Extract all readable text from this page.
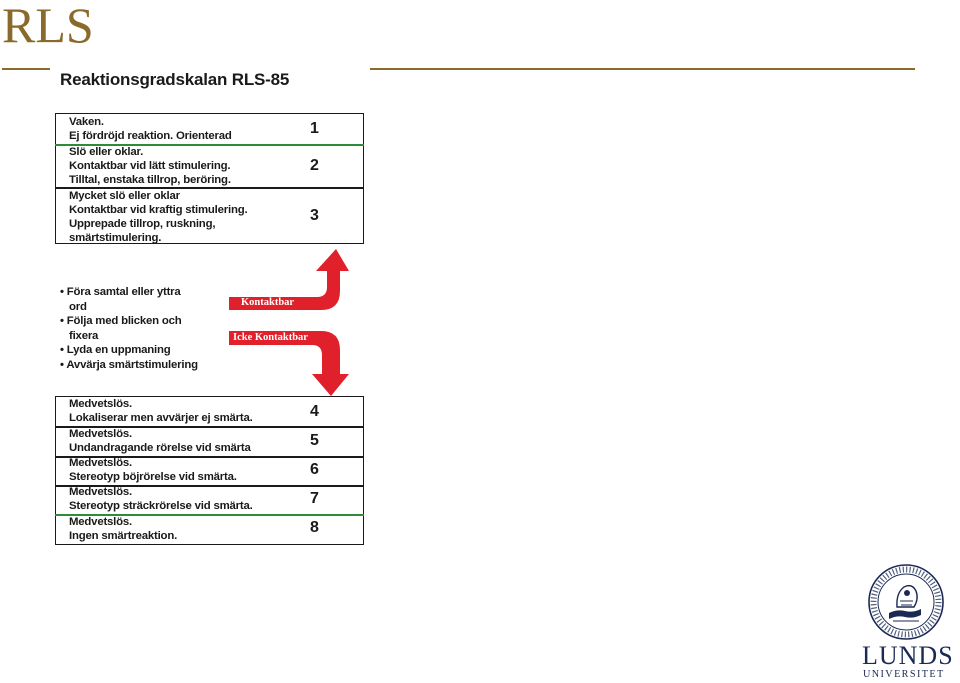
RLS
Reaktionsgradskalan RLS-85
Vaken.
Ej fördröjd reaktion. Orienterad	1
Slö eller oklar.
Kontaktbar vid lätt stimulering.
Tilltal, enstaka tillrop, beröring.
2
Mycket slö eller oklar
Kontaktbar vid kraftig stimulering.
Upprepade tillrop, ruskning,
smärtstimulering.
3
• Föra samtal eller yttra
ord
• Följa med blicken och
fixera
• Lyda en uppmaning
• Avvärja smärtstimulering
Kontaktbar
Icke Kontaktbar
Medvetslös.
Lokaliserar men avvärjer ej smärta.	4
Medvetslös.
Undandragande rörelse vid smärta	5
Medvetslös.
Stereotyp böjrörelse vid smärta.	6
Medvetslös.
Stereotyp sträckrörelse vid smärta.	7
Medvetslös.
Ingen smärtreaktion.	8
LUNDS
UNIVERSITET
